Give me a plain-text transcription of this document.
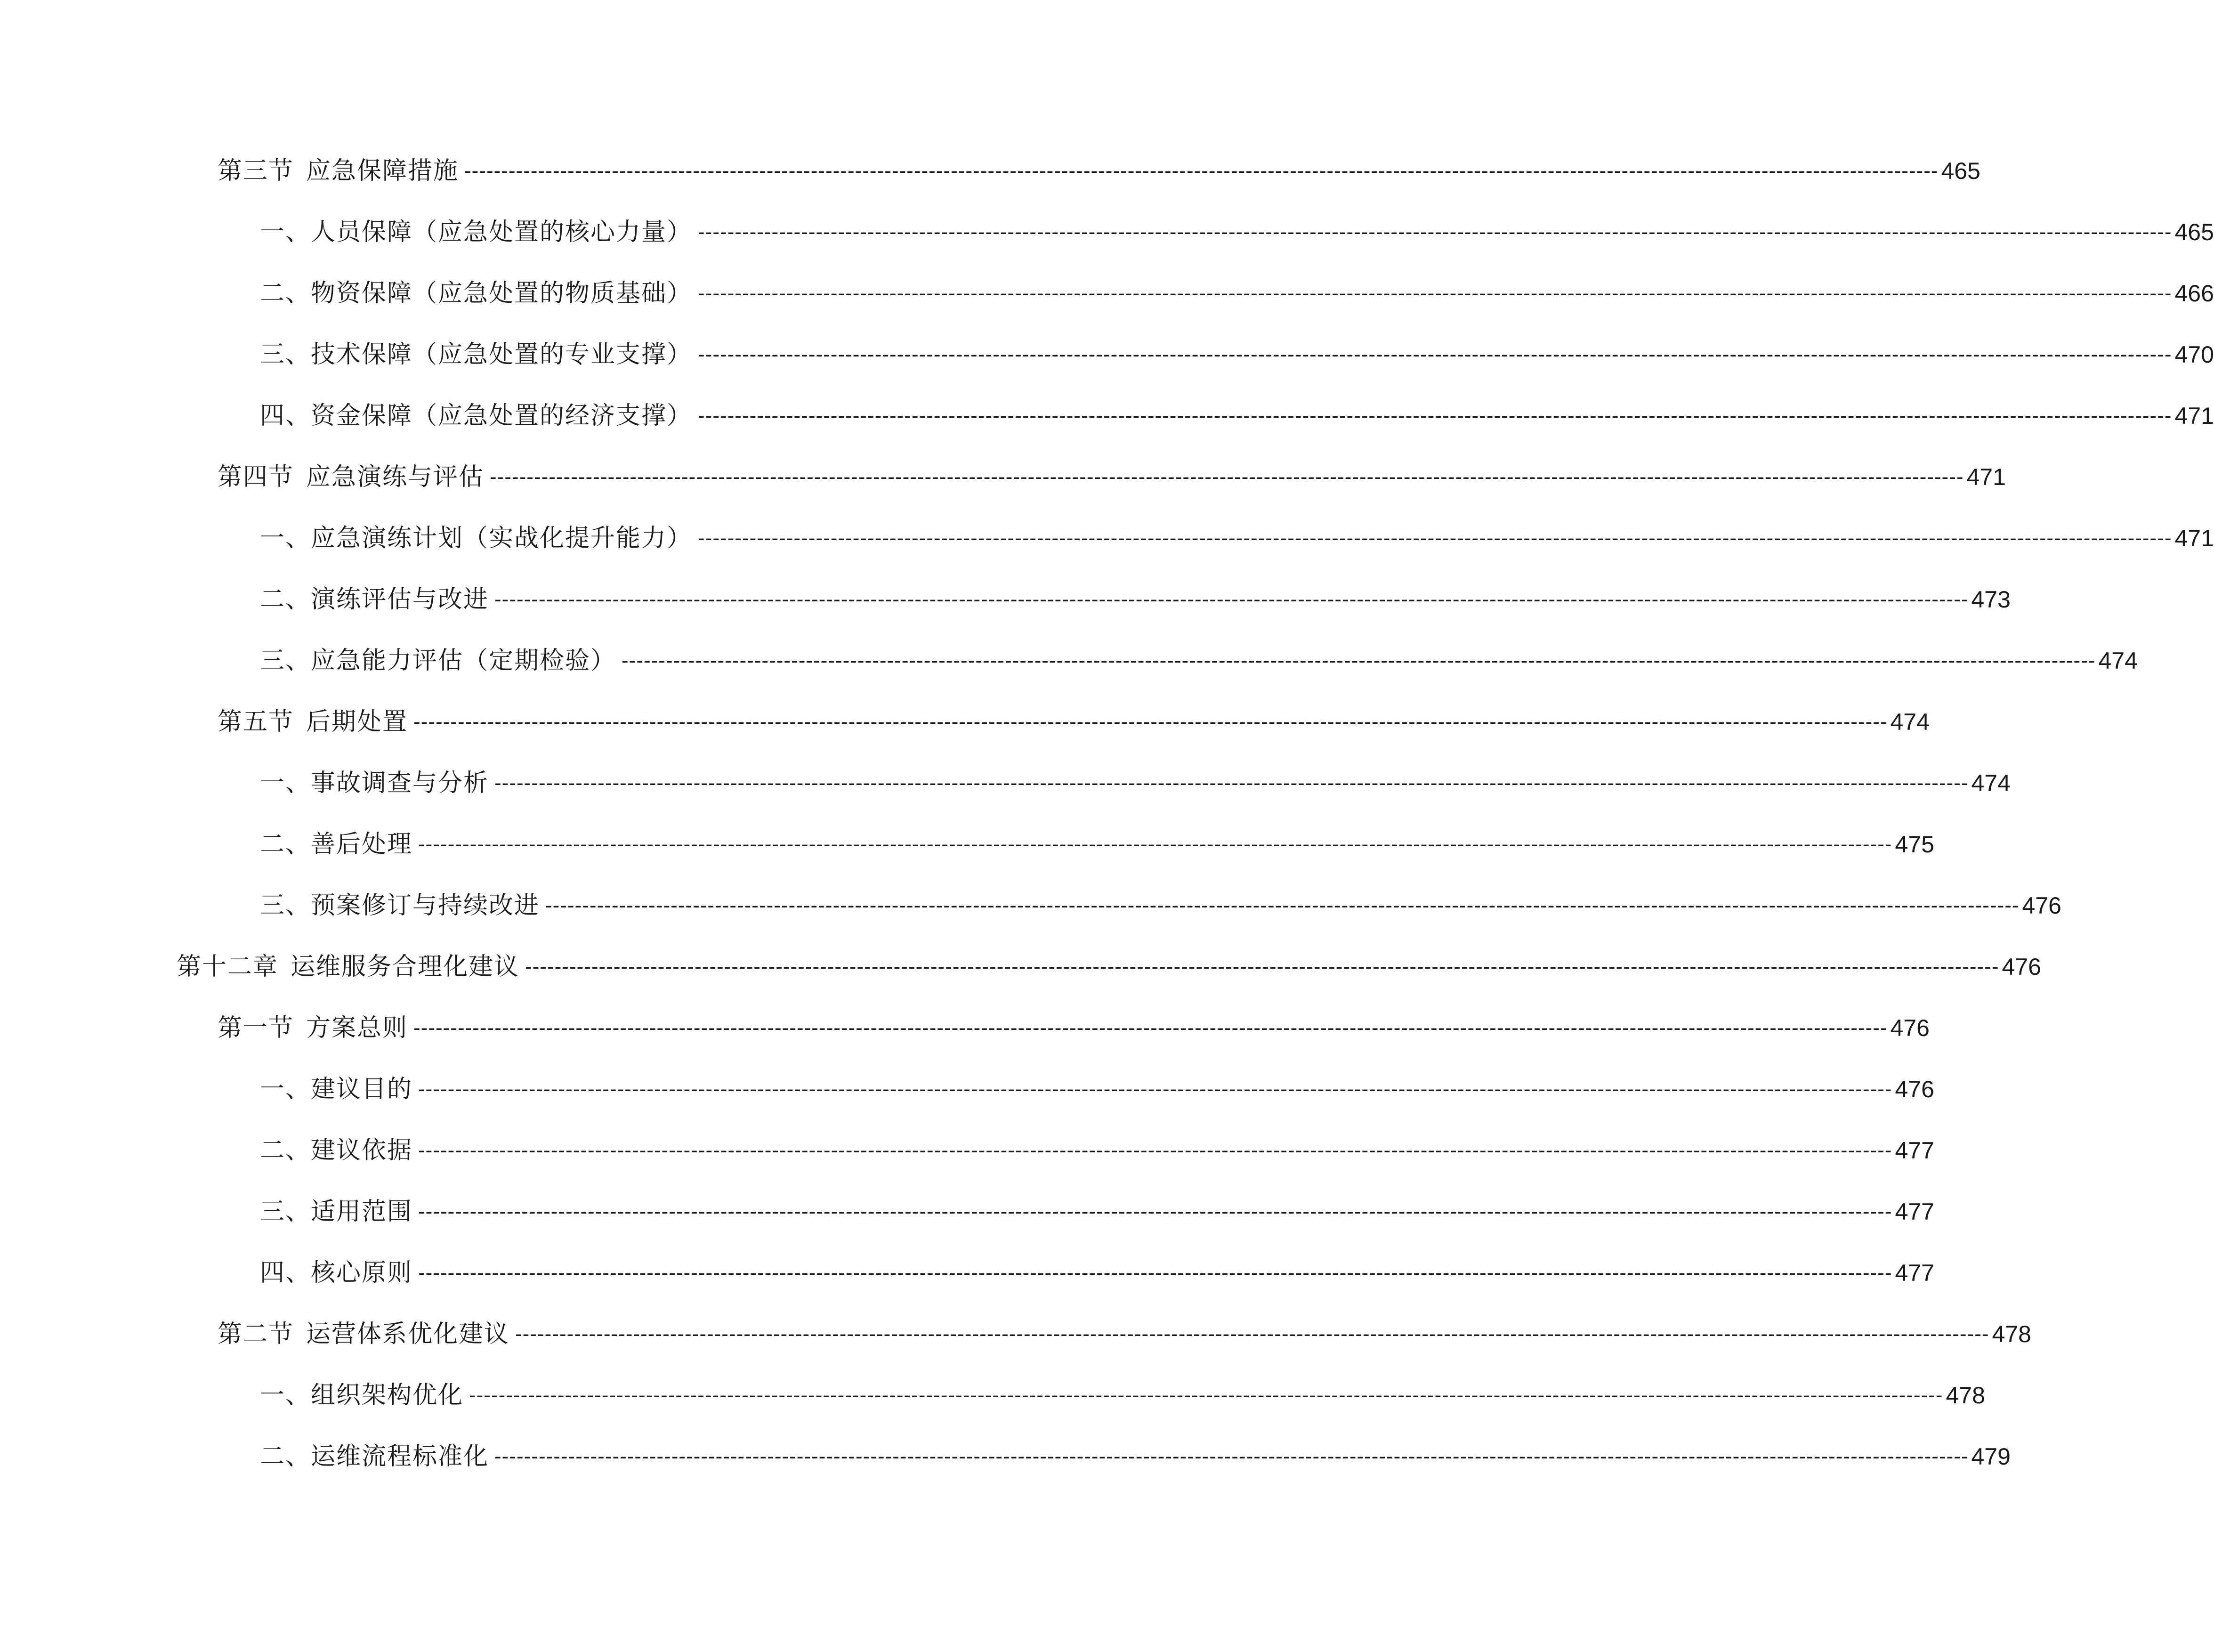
第三节 应急保障措施 -------------------------------------------------------------------------------------------------------------------------------------------------------------------------------------------------------- 465
一、人员保障（应急处置的核心力量） -------------------------------------------------------------------------------------------------------------------------------------------------------------------------------------------------------- 465
二、物资保障（应急处置的物质基础） -------------------------------------------------------------------------------------------------------------------------------------------------------------------------------------------------------- 466
三、技术保障（应急处置的专业支撑） -------------------------------------------------------------------------------------------------------------------------------------------------------------------------------------------------------- 470
四、资金保障（应急处置的经济支撑） -------------------------------------------------------------------------------------------------------------------------------------------------------------------------------------------------------- 471
第四节 应急演练与评估 -------------------------------------------------------------------------------------------------------------------------------------------------------------------------------------------------------- 471
一、应急演练计划（实战化提升能力） -------------------------------------------------------------------------------------------------------------------------------------------------------------------------------------------------------- 471
二、演练评估与改进 -------------------------------------------------------------------------------------------------------------------------------------------------------------------------------------------------------- 473
三、应急能力评估（定期检验） -------------------------------------------------------------------------------------------------------------------------------------------------------------------------------------------------------- 474
第五节 后期处置 -------------------------------------------------------------------------------------------------------------------------------------------------------------------------------------------------------- 474
一、事故调查与分析 -------------------------------------------------------------------------------------------------------------------------------------------------------------------------------------------------------- 474
二、善后处理 -------------------------------------------------------------------------------------------------------------------------------------------------------------------------------------------------------- 475
三、预案修订与持续改进 -------------------------------------------------------------------------------------------------------------------------------------------------------------------------------------------------------- 476
第十二章 运维服务合理化建议 -------------------------------------------------------------------------------------------------------------------------------------------------------------------------------------------------------- 476
第一节 方案总则 -------------------------------------------------------------------------------------------------------------------------------------------------------------------------------------------------------- 476
一、建议目的 -------------------------------------------------------------------------------------------------------------------------------------------------------------------------------------------------------- 476
二、建议依据 -------------------------------------------------------------------------------------------------------------------------------------------------------------------------------------------------------- 477
三、适用范围 -------------------------------------------------------------------------------------------------------------------------------------------------------------------------------------------------------- 477
四、核心原则 -------------------------------------------------------------------------------------------------------------------------------------------------------------------------------------------------------- 477
第二节 运营体系优化建议 -------------------------------------------------------------------------------------------------------------------------------------------------------------------------------------------------------- 478
一、组织架构优化 -------------------------------------------------------------------------------------------------------------------------------------------------------------------------------------------------------- 478
二、运维流程标准化 -------------------------------------------------------------------------------------------------------------------------------------------------------------------------------------------------------- 479
